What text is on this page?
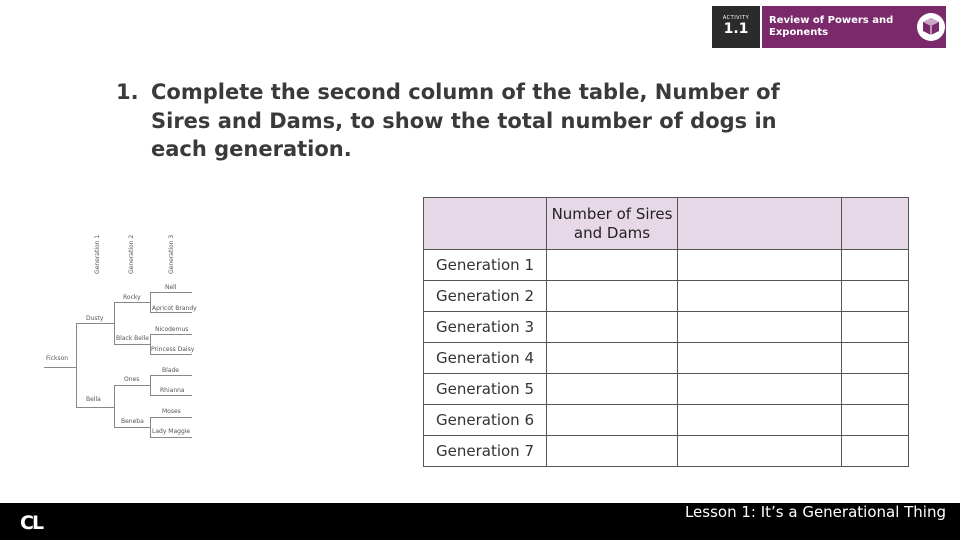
ACTIVITY
1.1
Review of Powers and Exponents
1. Complete the second column of the table, Number of Sires and Dams, to show the total number of dogs in each generation.
Generation 1	Generation 2	Generation 3
Fickson
Dusty
Bella
Rocky
Black Belle
Ones
Beneba
Nell
Apricot Brandy
Nicodemus
Princess Daisy
Blade
Rhianna
Moses
Lady Maggie
	Number of Sires and Dams		
Generation 1			
Generation 2			
Generation 3			
Generation 4			
Generation 5			
Generation 6			
Generation 7			
CL	Lesson 1: It’s a Generational Thing
